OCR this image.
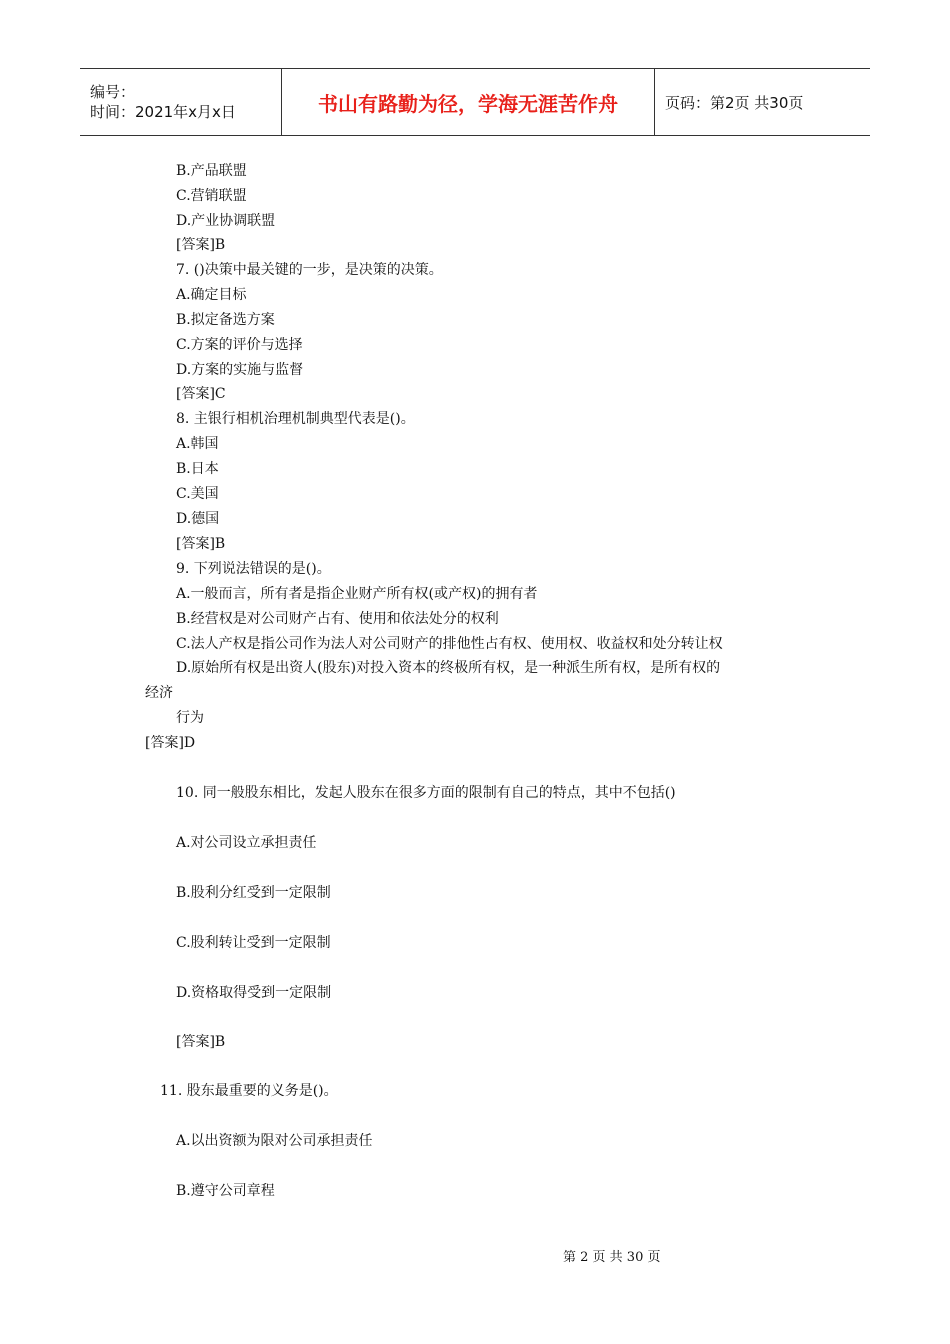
编号：
时间：2021年x月x日	书山有路勤为径，学海无涯苦作舟	页码：第2页 共30页
B.产品联盟
C.营销联盟
D.产业协调联盟
[答案]B
7. ()决策中最关键的一步，是决策的决策。
A.确定目标
B.拟定备选方案
C.方案的评价与选择
D.方案的实施与监督
[答案]C
8. 主银行相机治理机制典型代表是()。
A.韩国
B.日本
C.美国
D.德国
[答案]B
9. 下列说法错误的是()。
A.一般而言，所有者是指企业财产所有权(或产权)的拥有者
B.经营权是对公司财产占有、使用和依法处分的权利
C.法人产权是指公司作为法人对公司财产的排他性占有权、使用权、收益权和处分转让权
D.原始所有权是出资人(股东)对投入资本的终极所有权，是一种派生所有权，是所有权的
经济
行为
[答案]D
10. 同一般股东相比，发起人股东在很多方面的限制有自己的特点，其中不包括()
A.对公司设立承担责任
B.股利分红受到一定限制
C.股利转让受到一定限制
D.资格取得受到一定限制
[答案]B
11. 股东最重要的义务是()。
A.以出资额为限对公司承担责任
B.遵守公司章程
第 2 页 共 30 页
